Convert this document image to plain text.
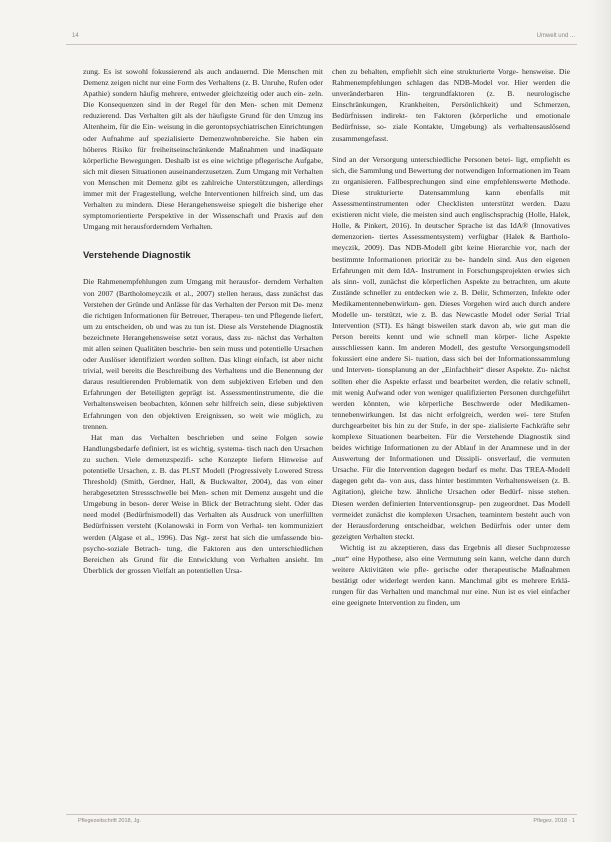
14	Umwelt und ...

zung. Es ist sowohl fokussierend als auch andauernd. Die Menschen mit Demenz zeigen nicht nur eine Form des Verhaltens (z. B. Unruhe, Rufen oder Apathie) sondern häufig mehrere, entweder gleichzeitig oder auch ein- zeln. Die Konsequenzen sind in der Regel für den Men- schen mit Demenz reduzierend. Das Verhalten gilt als der häufigste Grund für den Umzug ins Altenheim, für die Ein- weisung in die gerontopsychiatrischen Einrichtungen oder Aufnahme auf spezialisierte Demenzwohnbereiche. Sie haben ein höheres Risiko für freiheitseinschränkende Maßnahmen und inadäquate körperliche Bewegungen. Deshalb ist es eine wichtige pflegerische Aufgabe, sich mit diesen Situationen auseinanderzusetzen. Zum Umgang mit Verhalten von Menschen mit Demenz gibt es zahlreiche Unterstützungen, allerdings immer mit der Fragestellung, welche Interventionen hilfreich sind, um das Verhalten zu mindern. Diese Herangehensweise spiegelt die bisherige eher symptomorientierte Perspektive in der Wissenschaft und Praxis auf den Umgang mit herausforderndem Verhalten.

Verstehende Diagnostik

Die Rahmenempfehlungen zum Umgang mit herausfor- derndem Verhalten von 2007 (Bartholomeyczik et al., 2007) stellen heraus, dass zunächst das Verstehen der Gründe und Anlässe für das Verhalten der Person mit De- menz die richtigen Informationen für Betreuer, Therapeu- ten und Pflegende liefert, um zu entscheiden, ob und was zu tun ist. Diese als Verstehende Diagnostik bezeichnete Herangehensweise setzt voraus, dass zu- nächst das Verhalten mit allen seinen Qualitäten beschrie- ben sein muss und potentielle Ursachen oder Auslöser identifiziert worden sollten. Das klingt einfach, ist aber nicht trivial, weil bereits die Beschreibung des Verhaltens und die Benennung der daraus resultierenden Problematik von dem subjektiven Erleben und den Erfahrungen der Beteiligten geprägt ist. Assessmentinstrumente, die die Verhaltensweisen beobachten, können sehr hilfreich sein, diese subjektiven Erfahrungen von den objektiven Ereignissen, so weit wie möglich, zu trennen.

Hat man das Verhalten beschrieben und seine Folgen sowie Handlungsbedarfe definiert, ist es wichtig, systema- tisch nach den Ursachen zu suchen. Viele demenzspezifi- sche Konzepte liefern Hinweise auf potentielle Ursachen, z. B. das PLST Modell (Progressively Lowered Stress Threshold) (Smith, Gerdner, Hall, & Buckwalter, 2004), das von einer herabgesetzten Stressschwelle bei Men- schen mit Demenz ausgeht und die Umgebung in beson- derer Weise in Blick der Betrachtung sieht. Oder das need model (Bedürfnismodell) das Verhalten als Ausdruck von unerfüllten Bedürfnissen versteht (Kolanowski in Form von Verhal- ten kommuniziert werden (Algase et al., 1996). Das Ngt- zerst hat sich die umfassende bio-psycho-soziale Betrach- tung, die Faktoren aus den unterschiedlichen Bereichen als Grund für die Entwicklung von Verhalten ansieht. Im Überblick der grossen Vielfalt an potentiellen Ursa-

chen zu behalten, empfiehlt sich eine strukturierte Vorge- hensweise. Die Rahmenempfehlungen schlagen das NDB-Model vor. Hier werden die unveränderbaren Hin- tergrundfaktoren (z. B. neurologische Einschränkungen, Krankheiten, Persönlichkeit) und Schmerzen, Bedürfnissen indirekt- ten Faktoren (körperliche und emotionale Bedürfnisse, so- ziale Kontakte, Umgebung) als verhaltensauslösend zusammengefasst.

Sind an der Versorgung unterschiedliche Personen betei- ligt, empfiehlt es sich, die Sammlung und Bewertung der notwendigen Informationen im Team zu organisieren. Fallbesprechungen sind eine empfehlenswerte Methode. Diese strukturierte Datensammlung kann ebenfalls mit Assessmentinstrumenten oder Checklisten unterstützt werden. Dazu existieren nicht viele, die meisten sind auch englischsprachig (Holle, Halek, Holle, & Pinkert, 2016). In deutscher Sprache ist das IdA® (Innovatives demenzorien- tiertes Assessmentsystem) verfügbar (Halek & Bartholo- meyczik, 2009). Das NDB-Modell gibt keine Hierarchie vor, nach der bestimmte Informationen prioritär zu be- handeln sind. Aus den eigenen Erfahrungen mit dem IdA- Instrument in Forschungsprojekten erwies sich als sinn- voll, zunächst die körperlichen Aspekte zu betrachten, um akute Zustände schneller zu entdecken wie z. B. Delir, Schmerzen, Infekte oder Medikamentennebenwirkun- gen. Dieses Vorgehen wird auch durch andere Modelle un- terstützt, wie z. B. das Newcastle Model oder Serial Trial Intervention (STI). Es hängt bisweilen stark davon ab, wie gut man die Person bereits kennt und wie schnell man körper- liche Aspekte ausschliessen kann. Im anderen Modell, des gestufte Versorgungsmodell fokussiert eine andere Si- tuation, dass sich bei der Informationssammlung und Interven- tionsplanung an der „Einfachheit“ dieser Aspekte. Zu- nächst sollten eher die Aspekte erfasst und bearbeitet werden, die relativ schnell, mit wenig Aufwand oder von weniger qualifizierten Personen durchgeführt werden könnten, wie körperliche Beschwerde oder Medikamen- tennebenwirkungen. Ist das nicht erfolgreich, werden wei- tere Stufen durchgearbeitet bis hin zu der Stufe, in der spe- zialisierte Fachkräfte sehr komplexe Situationen bearbeiten. Für die Verstehende Diagnostik sind beides wichtige Informationen zu der Ablauf in der Anamnese und in der Auswertung der Informationen und Dissipli- onsverlauf, die vermuten Ursache. Für die Intervention dagegen bedarf es mehr. Das TREA-Modell dagegen geht da- von aus, dass hinter bestimmten Verhaltensweisen (z. B. Agitation), gleiche bzw. ähnliche Ursachen oder Bedürf- nisse stehen. Diesen werden definierten Interventionsgrup- pen zugeordnet. Das Modell vermeidet zunächst die komplexen Ursachen, teamintern besteht auch von der Herausforderung entscheidbar, welchen Bedürfnis oder unter dem gezeigten Verhalten steckt.

Wichtig ist zu akzeptieren, dass das Ergebnis all dieser Suchprozesse „nur“ eine Hypothese, also eine Vermutung sein kann, welche dann durch weitere Aktivitäten wie pfle- gerische oder therapeutische Maßnahmen bestätigt oder widerlegt werden kann. Manchmal gibt es mehrere Erklä- rungen für das Verhalten und manchmal nur eine. Nun ist es viel einfacher eine geeignete Intervention zu finden, um

Pflegezeitschrift 2018, Jg.	Pflegez. 2018 · 1
